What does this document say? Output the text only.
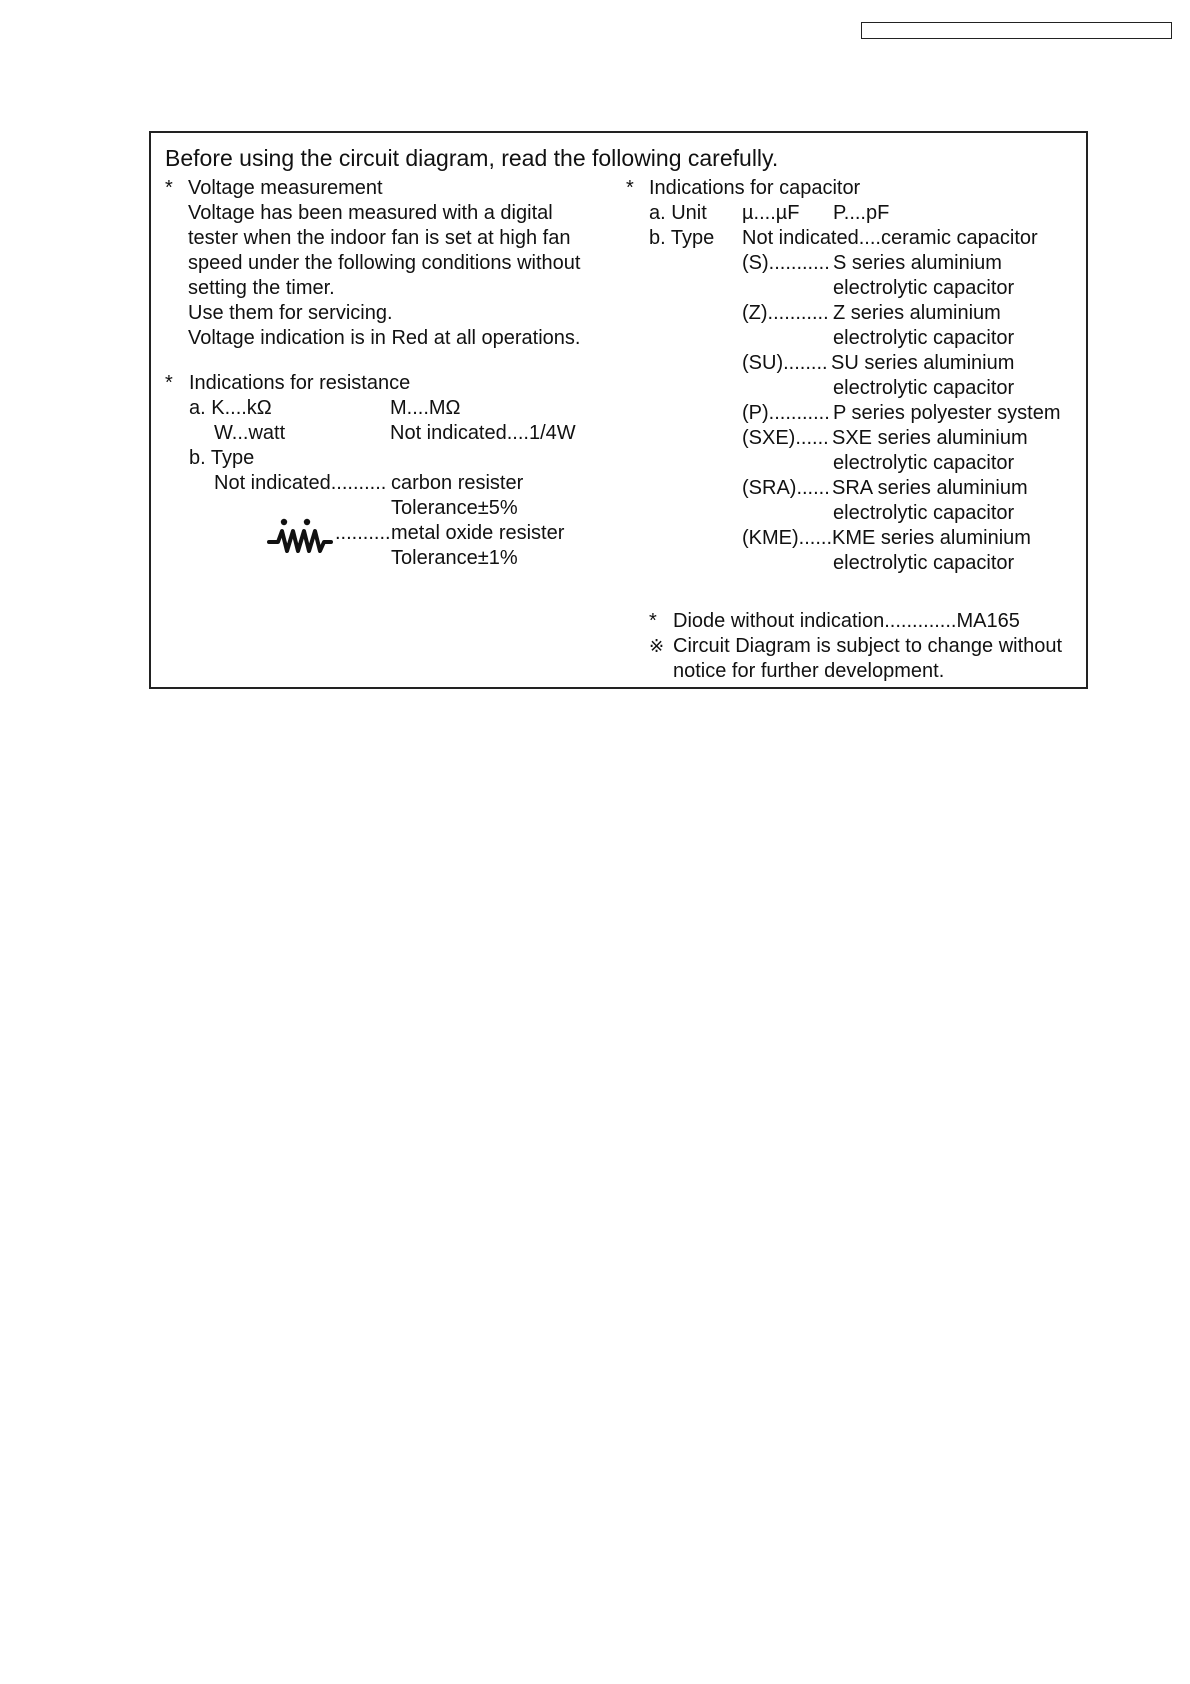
Before using the circuit diagram, read the following carefully.
* Voltage measurement
Voltage has been measured with a digital
tester when the indoor fan is set at high fan
speed under the following conditions without
setting the timer.
Use them for servicing.
Voltage indication is in Red at all operations.
* Indications for resistance
a. K....kΩ	M....MΩ
W...watt	Not indicated....1/4W
b. Type
Not indicated.......... carbon resister
Tolerance±5%
.......... metal oxide resister
Tolerance±1%
* Indications for capacitor
a. Unit µ....µF P....pF
b. Type Not indicated....ceramic capacitor
(S)........... S series aluminium
electrolytic capacitor
(Z)........... Z series aluminium
electrolytic capacitor
(SU)........ SU series aluminium
electrolytic capacitor
(P)........... P series polyester system
(SXE)...... SXE series aluminium
electrolytic capacitor
(SRA)...... SRA series aluminium
electrolytic capacitor
(KME)...... KME series aluminium
electrolytic capacitor
* Diode without indication.............MA165
※ Circuit Diagram is subject to change without
notice for further development.
